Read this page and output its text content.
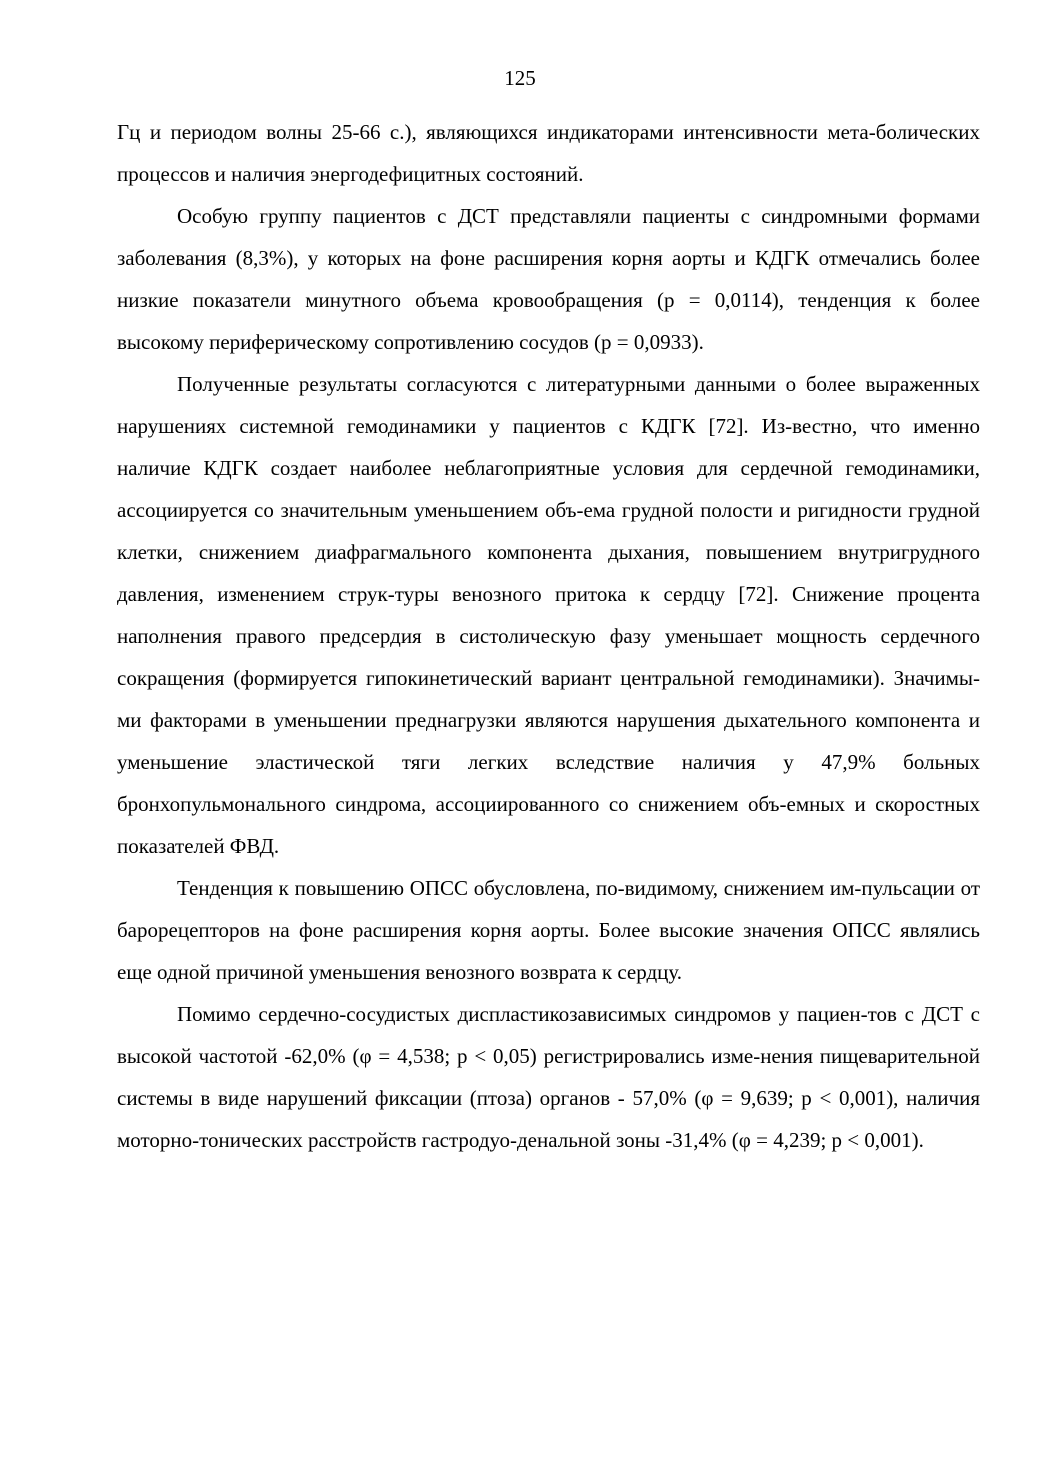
125

Гц и периодом волны 25-66 с.), являющихся индикаторами интенсивности мета-болических процессов и наличия энергодефицитных состояний.

Особую группу пациентов с ДСТ представляли пациенты с синдромными формами заболевания (8,3%), у которых на фоне расширения корня аорты и КДГК отмечались более низкие показатели минутного объема кровообращения (p = 0,0114), тенденция к более высокому периферическому сопротивлению сосудов (p = 0,0933).

Полученные результаты согласуются с литературными данными о более выраженных нарушениях системной гемодинамики у пациентов с КДГК [72]. Из-вестно, что именно наличие КДГК создает наиболее неблагоприятные условия для сердечной гемодинамики, ассоциируется со значительным уменьшением объ-ема грудной полости и ригидности грудной клетки, снижением диафрагмального компонента дыхания, повышением внутригрудного давления, изменением струк-туры венозного притока к сердцу [72]. Снижение процента наполнения правого предсердия в систолическую фазу уменьшает мощность сердечного сокращения (формируется гипокинетический вариант центральной гемодинамики). Значимы-ми факторами в уменьшении преднагрузки являются нарушения дыхательного компонента и уменьшение эластической тяги легких вследствие наличия у 47,9% больных бронхопульмонального синдрома, ассоциированного со снижением объ-емных и скоростных показателей ФВД.

Тенденция к повышению ОПСС обусловлена, по-видимому, снижением им-пульсации от барорецепторов на фоне расширения корня аорты. Более высокие значения ОПСС являлись еще одной причиной уменьшения венозного возврата к сердцу.

Помимо сердечно-сосудистых диспластикозависимых синдромов у пациен-тов с ДСТ с высокой частотой -62,0% (φ = 4,538; p < 0,05) регистрировались изме-нения пищеварительной системы в виде нарушений фиксации (птоза) органов - 57,0% (φ = 9,639; p < 0,001), наличия моторно-тонических расстройств гастродуо-денальной зоны -31,4% (φ = 4,239; p < 0,001).
